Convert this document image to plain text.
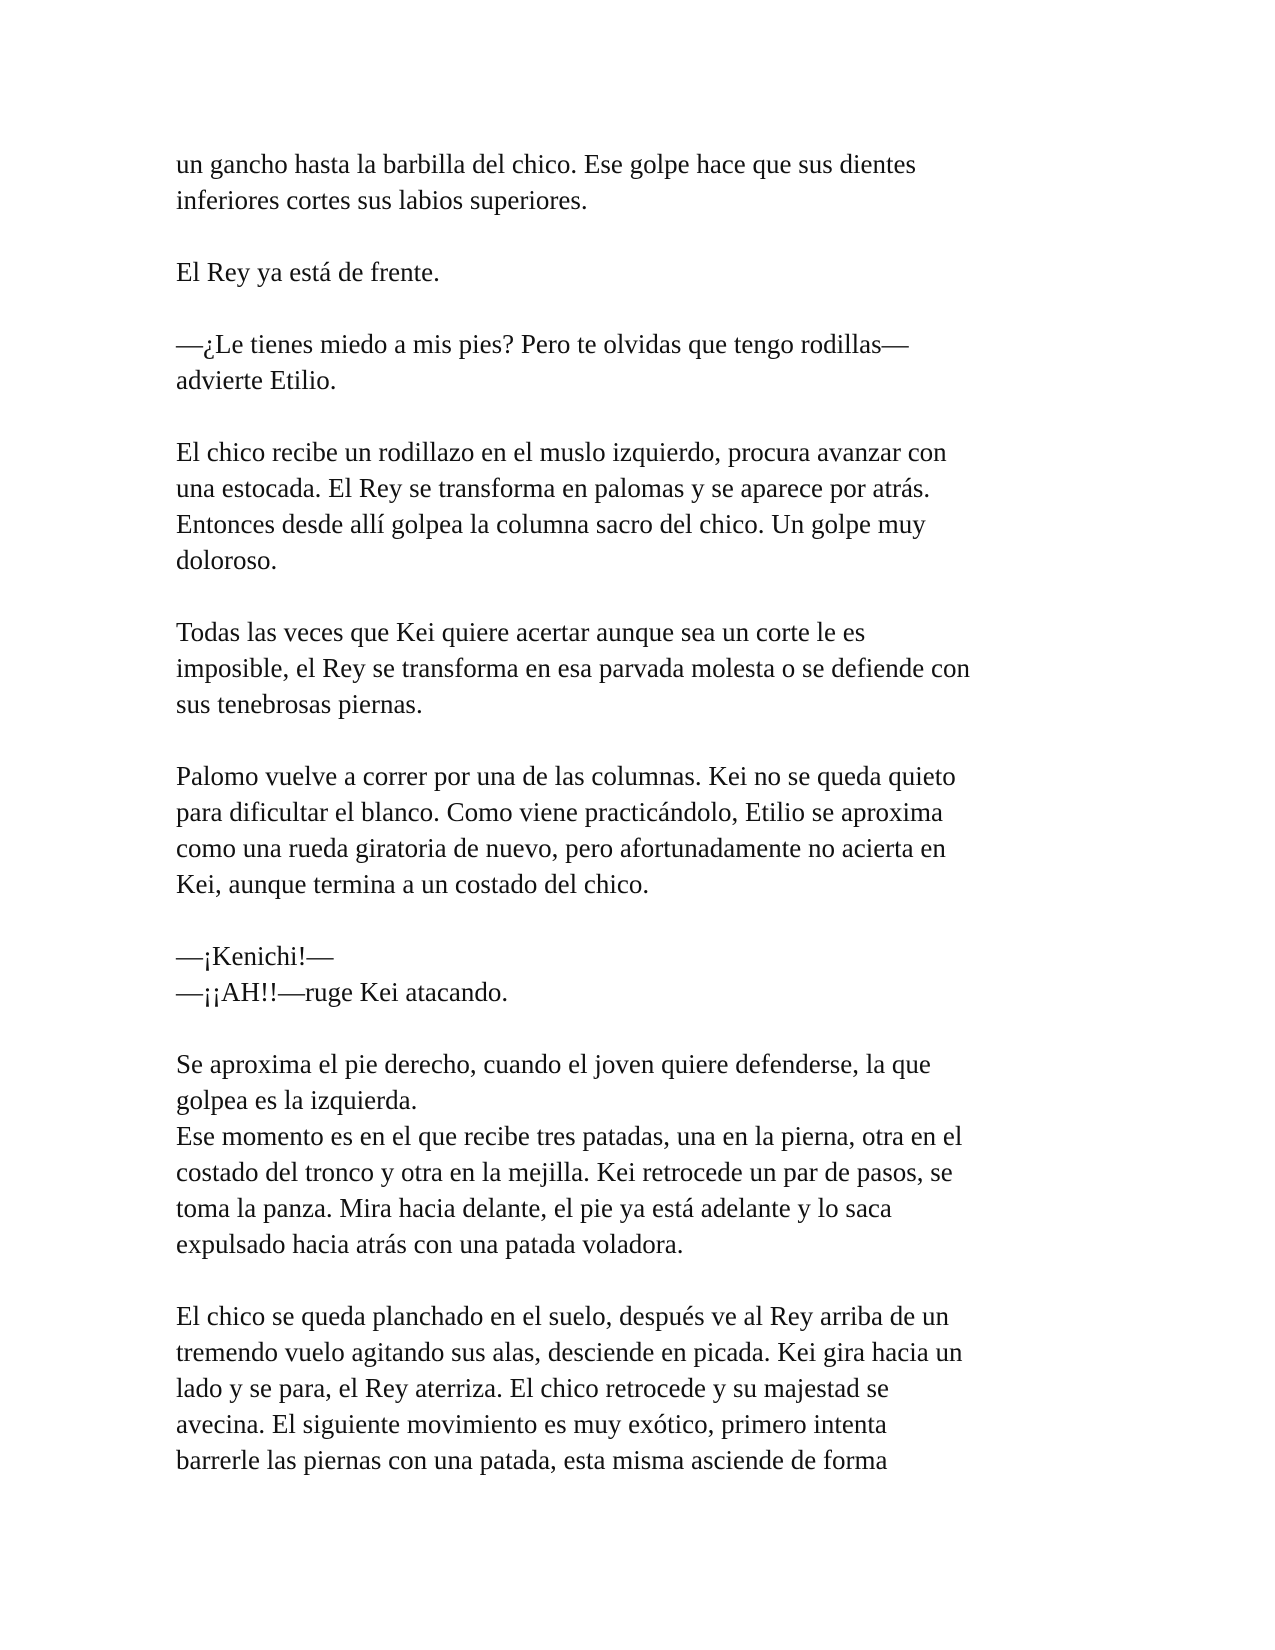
un gancho hasta la barbilla del chico. Ese golpe hace que sus dientes
inferiores cortes sus labios superiores.

El Rey ya está de frente.

—¿Le tienes miedo a mis pies? Pero te olvidas que tengo rodillas—
advierte Etilio.

El chico recibe un rodillazo en el muslo izquierdo, procura avanzar con
una estocada. El Rey se transforma en palomas y se aparece por atrás.
Entonces desde allí golpea la columna sacro del chico. Un golpe muy
doloroso.

Todas las veces que Kei quiere acertar aunque sea un corte le es
imposible, el Rey se transforma en esa parvada molesta o se defiende con
sus tenebrosas piernas.

Palomo vuelve a correr por una de las columnas. Kei no se queda quieto
para dificultar el blanco. Como viene practicándolo, Etilio se aproxima
como una rueda giratoria de nuevo, pero afortunadamente no acierta en
Kei, aunque termina a un costado del chico.

—¡Kenichi!—
—¡¡AH!!—ruge Kei atacando.

Se aproxima el pie derecho, cuando el joven quiere defenderse, la que
golpea es la izquierda.
Ese momento es en el que recibe tres patadas, una en la pierna, otra en el
costado del tronco y otra en la mejilla. Kei retrocede un par de pasos, se
toma la panza. Mira hacia delante, el pie ya está adelante y lo saca
expulsado hacia atrás con una patada voladora.

El chico se queda planchado en el suelo, después ve al Rey arriba de un
tremendo vuelo agitando sus alas, desciende en picada. Kei gira hacia un
lado y se para, el Rey aterriza. El chico retrocede y su majestad se
avecina. El siguiente movimiento es muy exótico, primero intenta
barrerle las piernas con una patada, esta misma asciende de forma
